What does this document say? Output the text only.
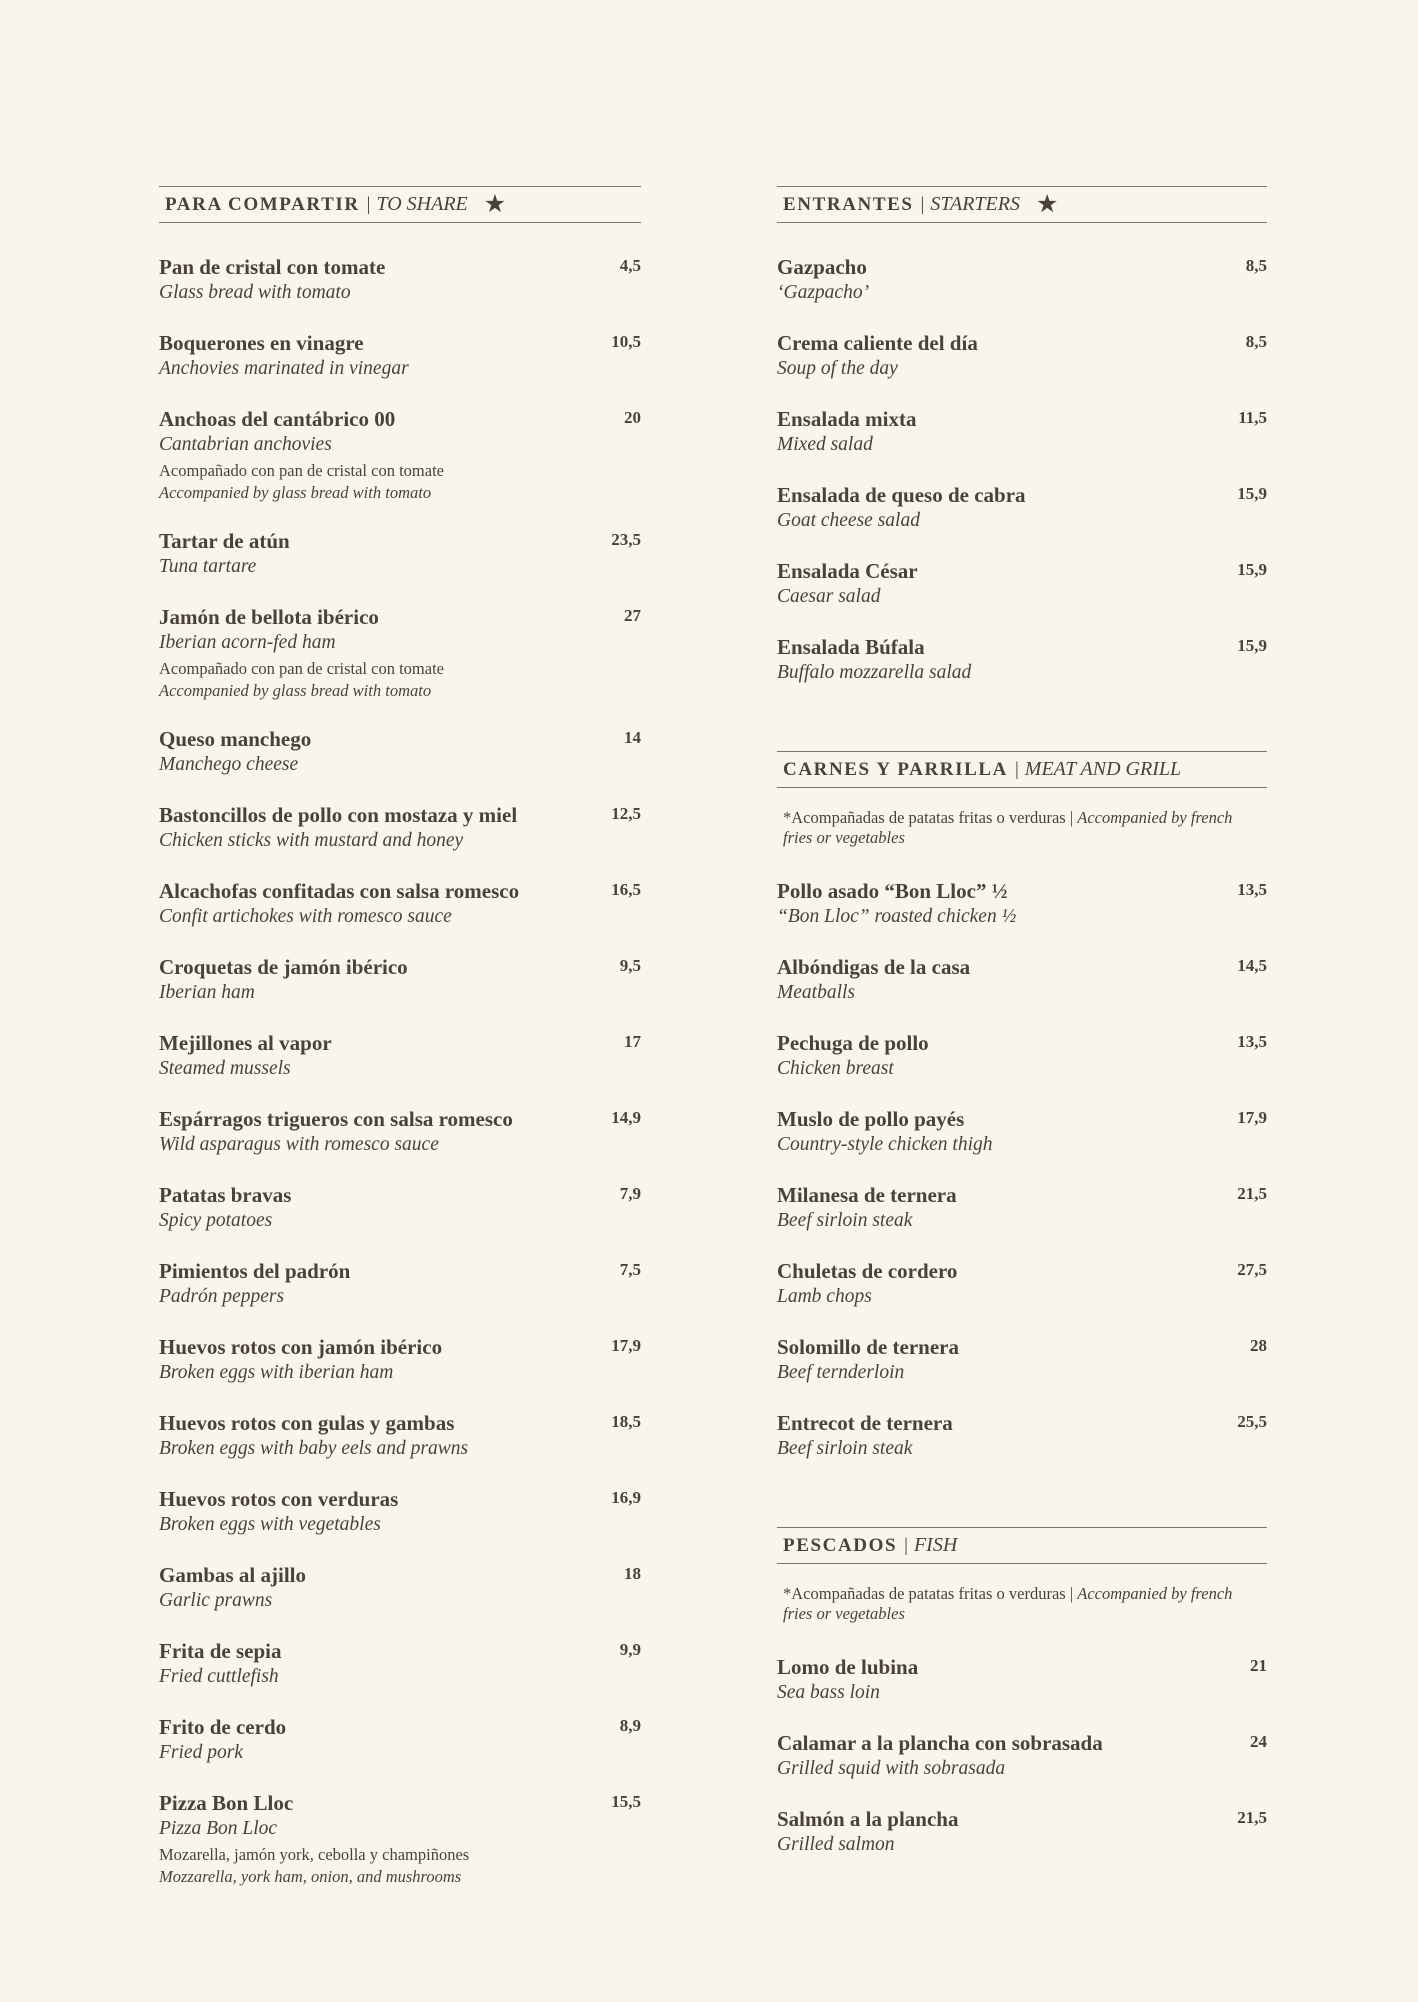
PARA COMPARTIR | TO SHARE ★
Pan de cristal con tomate
Glass bread with tomato
4,5
Boquerones en vinagre
Anchovies marinated in vinegar
10,5
Anchoas del cantábrico 00
Cantabrian anchovies
Acompañado con pan de cristal con tomate
Accompanied by glass bread with tomato
20
Tartar de atún
Tuna tartare
23,5
Jamón de bellota ibérico
Iberian acorn-fed ham
Acompañado con pan de cristal con tomate
Accompanied by glass bread with tomato
27
Queso manchego
Manchego cheese
14
Bastoncillos de pollo con mostaza y miel
Chicken sticks with mustard and honey
12,5
Alcachofas confitadas con salsa romesco
Confit artichokes with romesco sauce
16,5
Croquetas de jamón ibérico
Iberian ham
9,5
Mejillones al vapor
Steamed mussels
17
Espárragos trigueros con salsa romesco
Wild asparagus with romesco sauce
14,9
Patatas bravas
Spicy potatoes
7,9
Pimientos del padrón
Padrón peppers
7,5
Huevos rotos con jamón ibérico
Broken eggs with iberian ham
17,9
Huevos rotos con gulas y gambas
Broken eggs with baby eels and prawns
18,5
Huevos rotos con verduras
Broken eggs with vegetables
16,9
Gambas al ajillo
Garlic prawns
18
Frita de sepia
Fried cuttlefish
9,9
Frito de cerdo
Fried pork
8,9
Pizza Bon Lloc
Pizza Bon Lloc
Mozarella, jamón york, cebolla y champiñones
Mozzarella, york ham, onion, and mushrooms
15,5
ENTRANTES | STARTERS ★
Gazpacho
‘Gazpacho’
8,5
Crema caliente del día
Soup of the day
8,5
Ensalada mixta
Mixed salad
11,5
Ensalada de queso de cabra
Goat cheese salad
15,9
Ensalada César
Caesar salad
15,9
Ensalada Búfala
Buffalo mozzarella salad
15,9
CARNES Y PARRILLA | MEAT AND GRILL
*Acompañadas de patatas fritas o verduras | Accompanied by french fries or vegetables
Pollo asado “Bon Lloc” ½
“Bon Lloc” roasted chicken ½
13,5
Albóndigas de la casa
Meatballs
14,5
Pechuga de pollo
Chicken breast
13,5
Muslo de pollo payés
Country-style chicken thigh
17,9
Milanesa de ternera
Beef sirloin steak
21,5
Chuletas de cordero
Lamb chops
27,5
Solomillo de ternera
Beef ternderloin
28
Entrecot de ternera
Beef sirloin steak
25,5
PESCADOS | FISH
*Acompañadas de patatas fritas o verduras | Accompanied by french fries or vegetables
Lomo de lubina
Sea bass loin
21
Calamar a la plancha con sobrasada
Grilled squid with sobrasada
24
Salmón a la plancha
Grilled salmon
21,5
